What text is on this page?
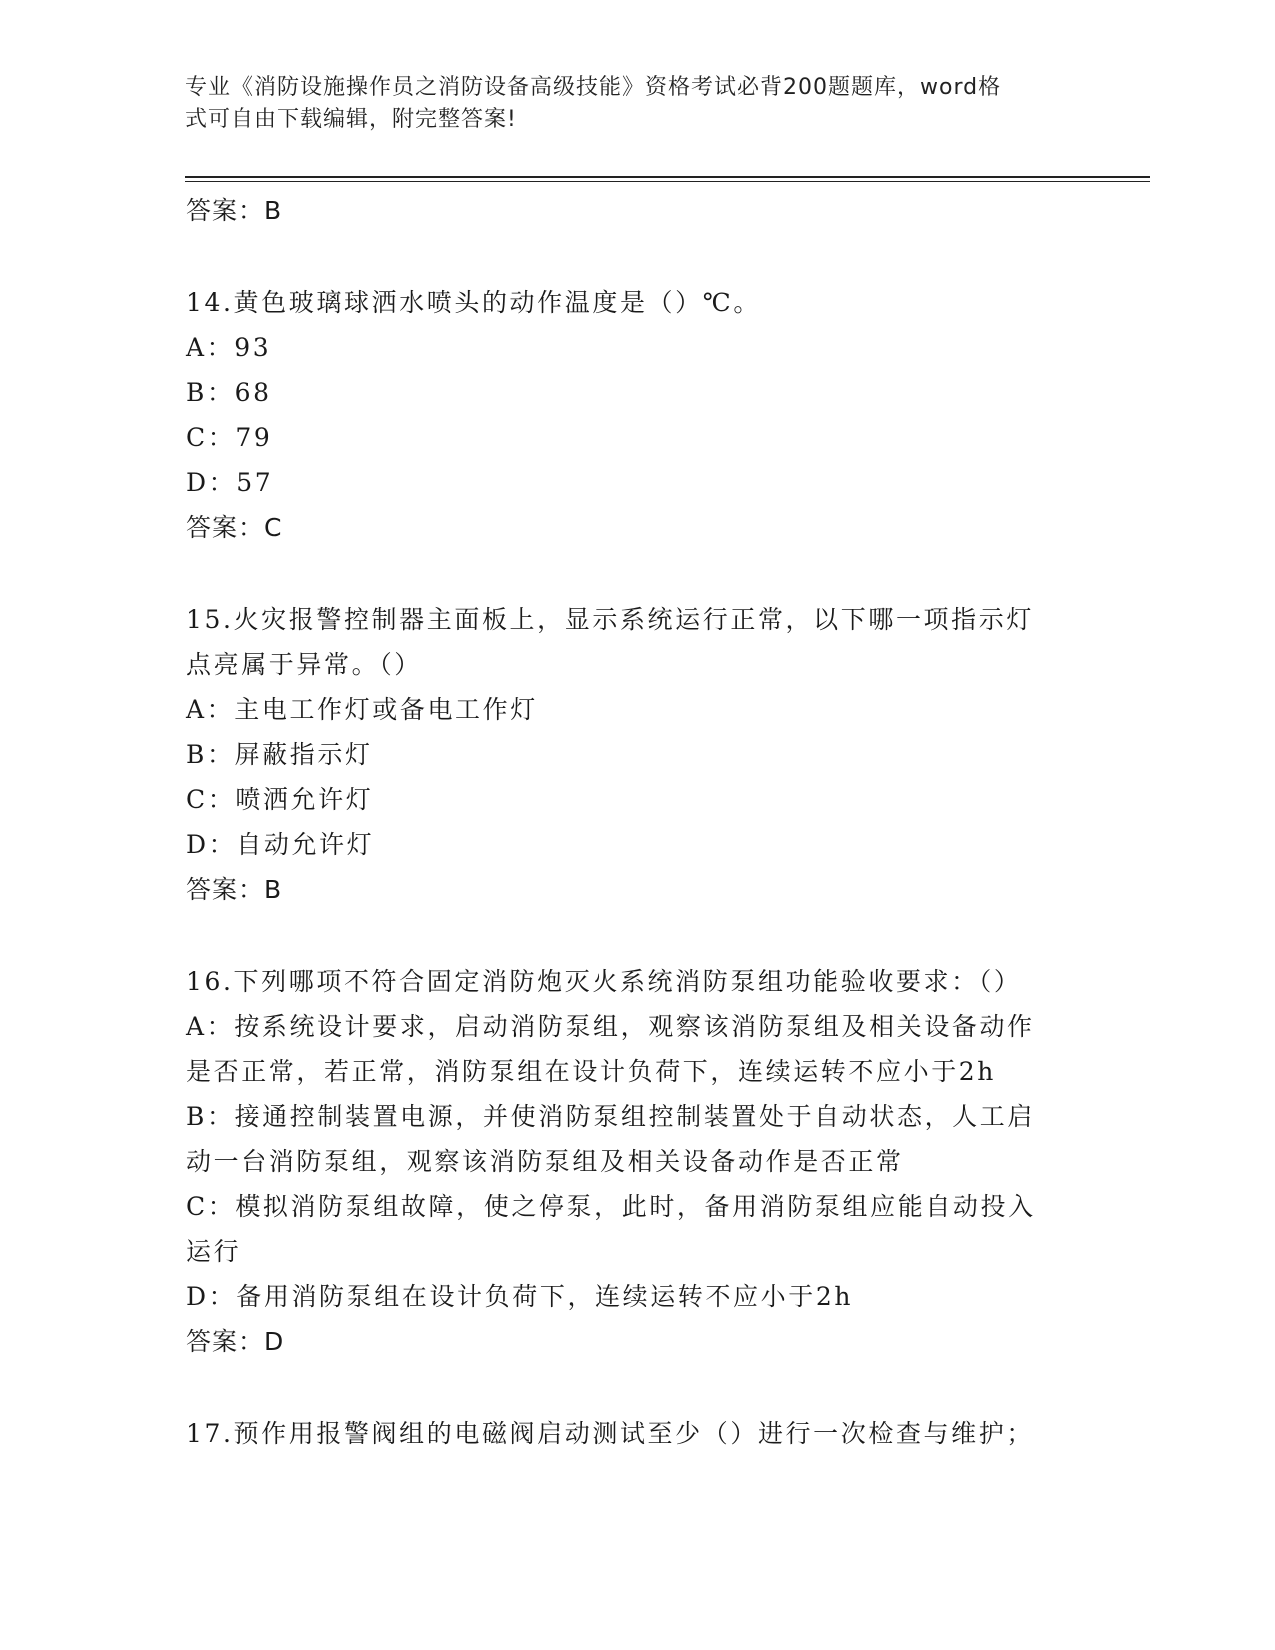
专业《消防设施操作员之消防设备高级技能》资格考试必背200题题库，word格
式可自由下载编辑，附完整答案!
答案：B
14.黄色玻璃球洒水喷头的动作温度是（）℃。
A：93
B：68
C：79
D：57
答案：C
15.火灾报警控制器主面板上，显示系统运行正常，以下哪一项指示灯
点亮属于异常。（）
A：主电工作灯或备电工作灯
B：屏蔽指示灯
C：喷洒允许灯
D：自动允许灯
答案：B
16.下列哪项不符合固定消防炮灭火系统消防泵组功能验收要求：（）
A：按系统设计要求，启动消防泵组，观察该消防泵组及相关设备动作
是否正常，若正常，消防泵组在设计负荷下，连续运转不应小于2h
B：接通控制装置电源，并使消防泵组控制装置处于自动状态，人工启
动一台消防泵组，观察该消防泵组及相关设备动作是否正常
C：模拟消防泵组故障，使之停泵，此时，备用消防泵组应能自动投入
运行
D：备用消防泵组在设计负荷下，连续运转不应小于2h
答案：D
17.预作用报警阀组的电磁阀启动测试至少（）进行一次检查与维护；
